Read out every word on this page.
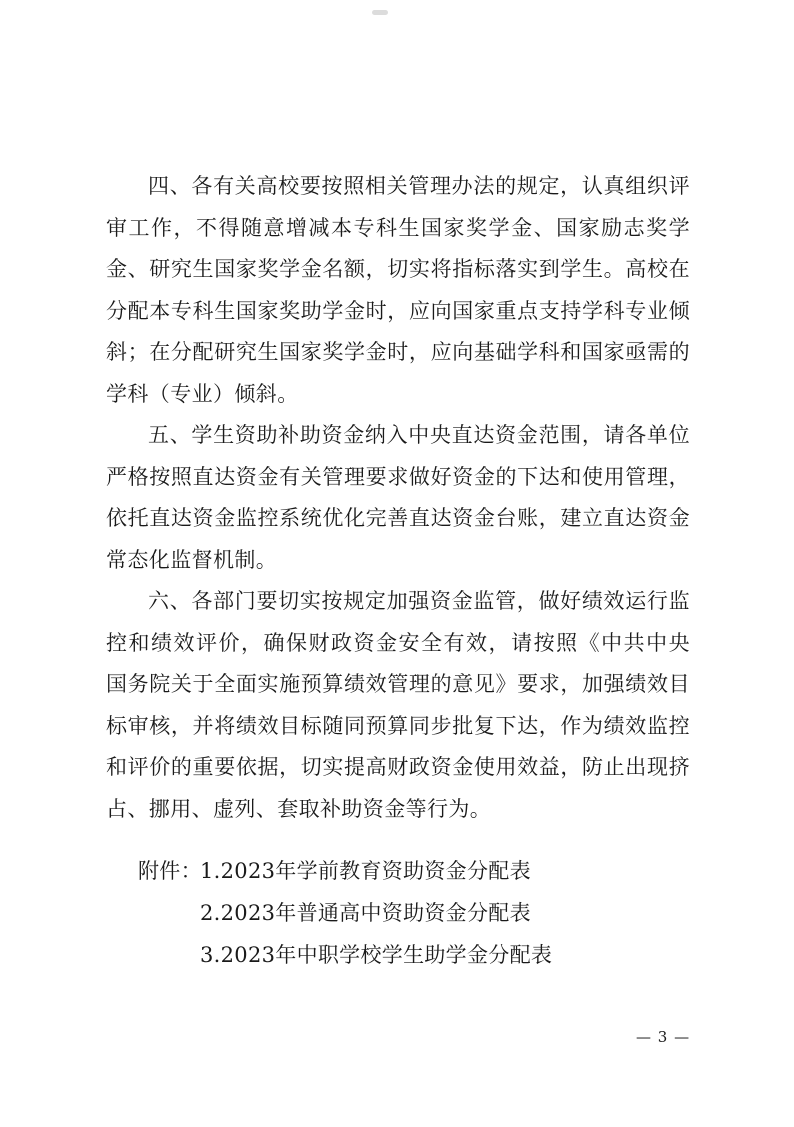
四、各有关高校要按照相关管理办法的规定，认真组织评审工作，不得随意增减本专科生国家奖学金、国家励志奖学金、研究生国家奖学金名额，切实将指标落实到学生。高校在分配本专科生国家奖助学金时，应向国家重点支持学科专业倾斜；在分配研究生国家奖学金时，应向基础学科和国家亟需的学科（专业）倾斜。

五、学生资助补助资金纳入中央直达资金范围，请各单位严格按照直达资金有关管理要求做好资金的下达和使用管理，依托直达资金监控系统优化完善直达资金台账，建立直达资金常态化监督机制。

六、各部门要切实按规定加强资金监管，做好绩效运行监控和绩效评价，确保财政资金安全有效，请按照《中共中央 国务院关于全面实施预算绩效管理的意见》要求，加强绩效目标审核，并将绩效目标随同预算同步批复下达，作为绩效监控和评价的重要依据，切实提高财政资金使用效益，防止出现挤占、挪用、虚列、套取补助资金等行为。

附件：
1.2023年学前教育资助资金分配表
2.2023年普通高中资助资金分配表
3.2023年中职学校学生助学金分配表
— 3 —
